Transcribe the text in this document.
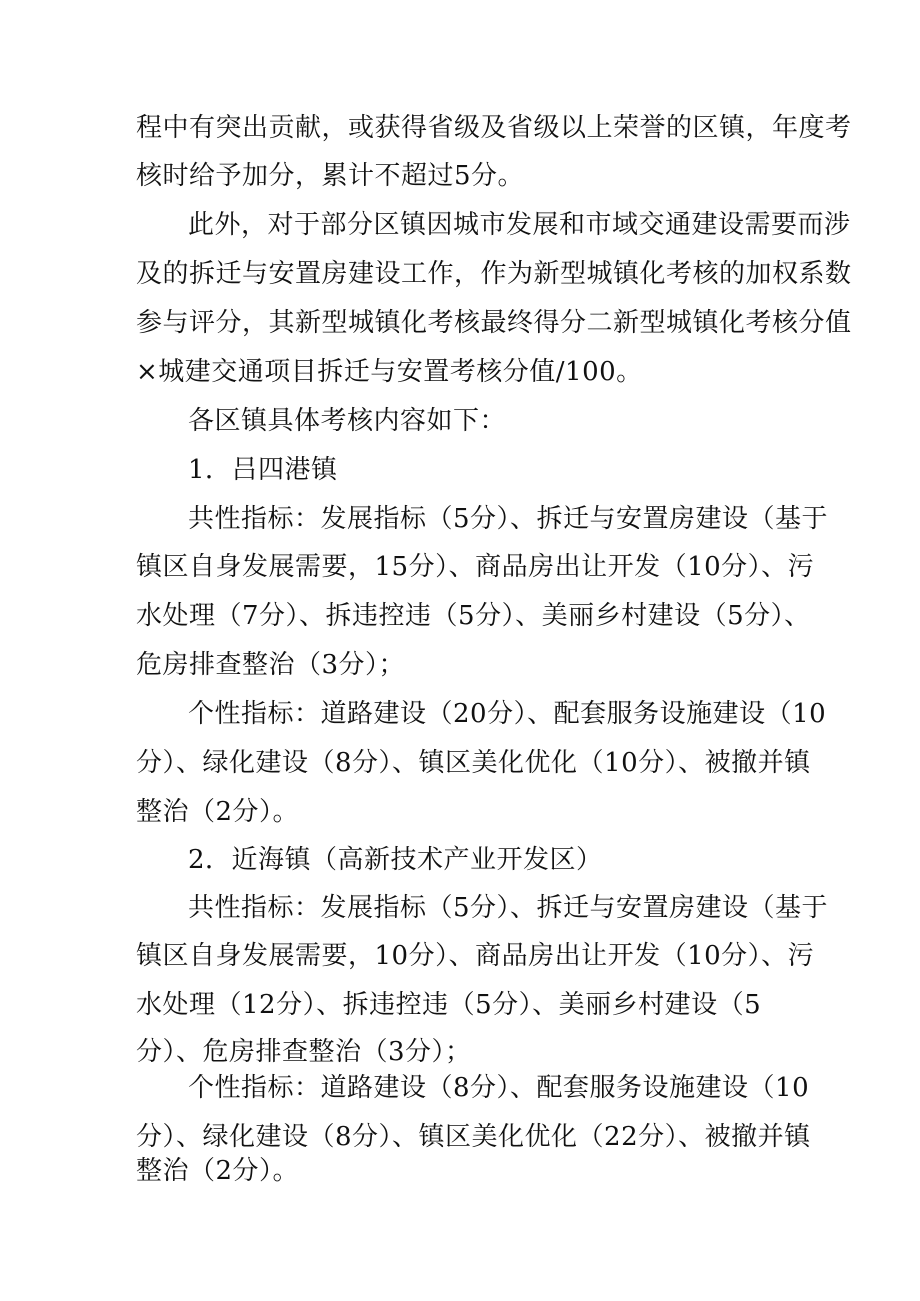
程中有突出贡献，或获得省级及省级以上荣誉的区镇，年度考
核时给予加分，累计不超过5分。
此外，对于部分区镇因城市发展和市域交通建设需要而涉
及的拆迁与安置房建设工作，作为新型城镇化考核的加权系数
参与评分，其新型城镇化考核最终得分二新型城镇化考核分值
×城建交通项目拆迁与安置考核分值/100。
各区镇具体考核内容如下：
1．吕四港镇
共性指标：发展指标（5分）、拆迁与安置房建设（基于
镇区自身发展需要，15分）、商品房出让开发（10分）、污
水处理（7分）、拆违控违（5分）、美丽乡村建设（5分）、
危房排查整治（3分）；
个性指标：道路建设（20分）、配套服务设施建设（10
分）、绿化建设（8分）、镇区美化优化（10分）、被撤并镇
整治（2分）。
2．近海镇（高新技术产业开发区）
共性指标：发展指标（5分）、拆迁与安置房建设（基于
镇区自身发展需要，10分）、商品房出让开发（10分）、污
水处理（12分）、拆违控违（5分）、美丽乡村建设（5
分）、危房排查整治（3分）；
个性指标：道路建设（8分）、配套服务设施建设（10
分）、绿化建设（8分）、镇区美化优化（22分）、被撤并镇
整治（2分）。
